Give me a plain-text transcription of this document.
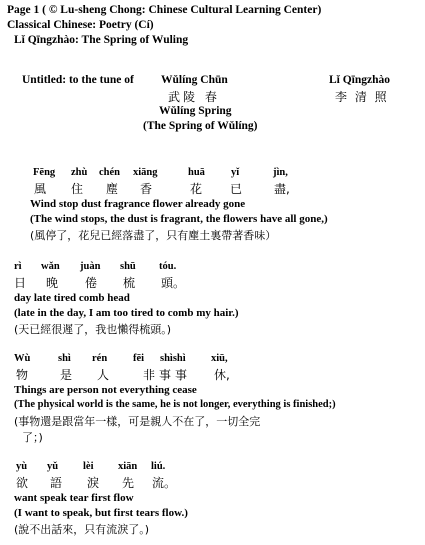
Page 1 ( © Lu-sheng Chong: Chinese Cultural Learning Center)
Classical Chinese: Poetry (Cí)
Lǐ Qīngzhào: The Spring of Wuling
Untitled: to the tune of Wǔlíng Chūn	Lǐ Qīngzhào
武陵 春	李 清 照
Wǔlíng Spring
(The Spring of Wǔlíng)
Fēng zhù chén xiāng	huā yǐ	jìn,
風 住 塵 香	花 已	盡,
Wind stop dust fragrance flower already gone
(The wind stops, the dust is fragrant, the flowers have all gone,)
(風停了，花兒已經落盡了，只有塵土裏帶著香味）
rì wǎn juàn shū tóu.
日 晚 倦 梳 頭。
day late tired comb head
(late in the day, I am too tired to comb my hair.)
(天已經很遲了，我也懶得梳頭。)
Wù	shì rén fēi shìshì xiū,
物	是 人	非事事 休,
Things are person not everything cease
(The physical world is the same, he is not longer, everything is finished;)
(事物還是跟當年一樣，可是親人不在了，一切全完
了；)
yù yǔ lèi xiān liú.
欲 語 淚 先 流。
want speak tear first flow
(I want to speak, but first tears flow.)
(說不出話來，只有流淚了。)
